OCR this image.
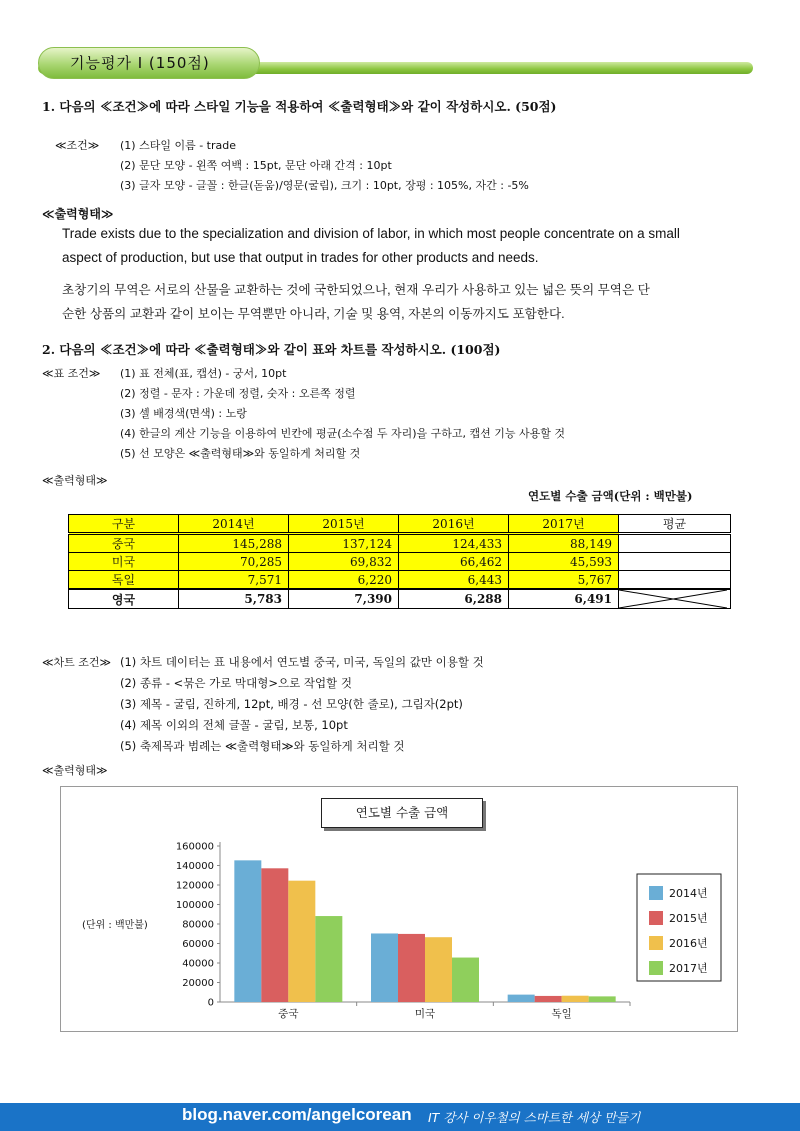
기능평가 Ⅰ (150점)
1. 다음의 ≪조건≫에 따라 스타일 기능을 적용하여 ≪출력형태≫와 같이 작성하시오. (50점)
≪조건≫ (1) 스타일 이름 - trade
(2) 문단 모양 - 왼쪽 여백 : 15pt, 문단 아래 간격 : 10pt
(3) 글자 모양 - 글꼴 : 한글(돋움)/영문(굴림), 크기 : 10pt, 장평 : 105%, 자간 : -5%
≪출력형태≫
Trade exists due to the specialization and division of labor, in which most people concentrate on a small
aspect of production, but use that output in trades for other products and needs.
초창기의 무역은 서로의 산물을 교환하는 것에 국한되었으나, 현재 우리가 사용하고 있는 넓은 뜻의 무역은 단
순한 상품의 교환과 같이 보이는 무역뿐만 아니라, 기술 및 용역, 자본의 이동까지도 포함한다.
2. 다음의 ≪조건≫에 따라 ≪출력형태≫와 같이 표와 차트를 작성하시오. (100점)
≪표 조건≫ (1) 표 전체(표, 캡션) - 궁서, 10pt
(2) 정렬 - 문자 : 가운데 정렬, 숫자 : 오른쪽 정렬
(3) 셀 배경색(면색) : 노랑
(4) 한글의 계산 기능을 이용하여 빈칸에 평균(소수점 두 자리)을 구하고, 캡션 기능 사용할 것
(5) 선 모양은 ≪출력형태≫와 동일하게 처리할 것
≪출력형태≫
연도별 수출 금액(단위 : 백만불)
구분	2014년	2015년	2016년	2017년	평균
중국	145,288	137,124	124,433	88,149	
미국	70,285	69,832	66,462	45,593	
독일	7,571	6,220	6,443	5,767	
영국	5,783	7,390	6,288	6,491	
≪차트 조건≫ (1) 차트 데이터는 표 내용에서 연도별 중국, 미국, 독일의 값만 이용할 것
(2) 종류 - <묶은 가로 막대형>으로 작업할 것
(3) 제목 - 굴림, 진하게, 12pt, 배경 - 선 모양(한 줄로), 그림자(2pt)
(4) 제목 이외의 전체 글꼴 - 굴림, 보통, 10pt
(5) 축제목과 범례는 ≪출력형태≫와 동일하게 처리할 것
≪출력형태≫
연도별 수출 금액
(단위 : 백만불)
0
20000
40000
60000
80000
100000
120000
140000
160000
중국	미국	독일
2014년
2015년
2016년
2017년
blog.naver.com/angelcorean IT 강사 이우철의 스마트한 세상 만들기
